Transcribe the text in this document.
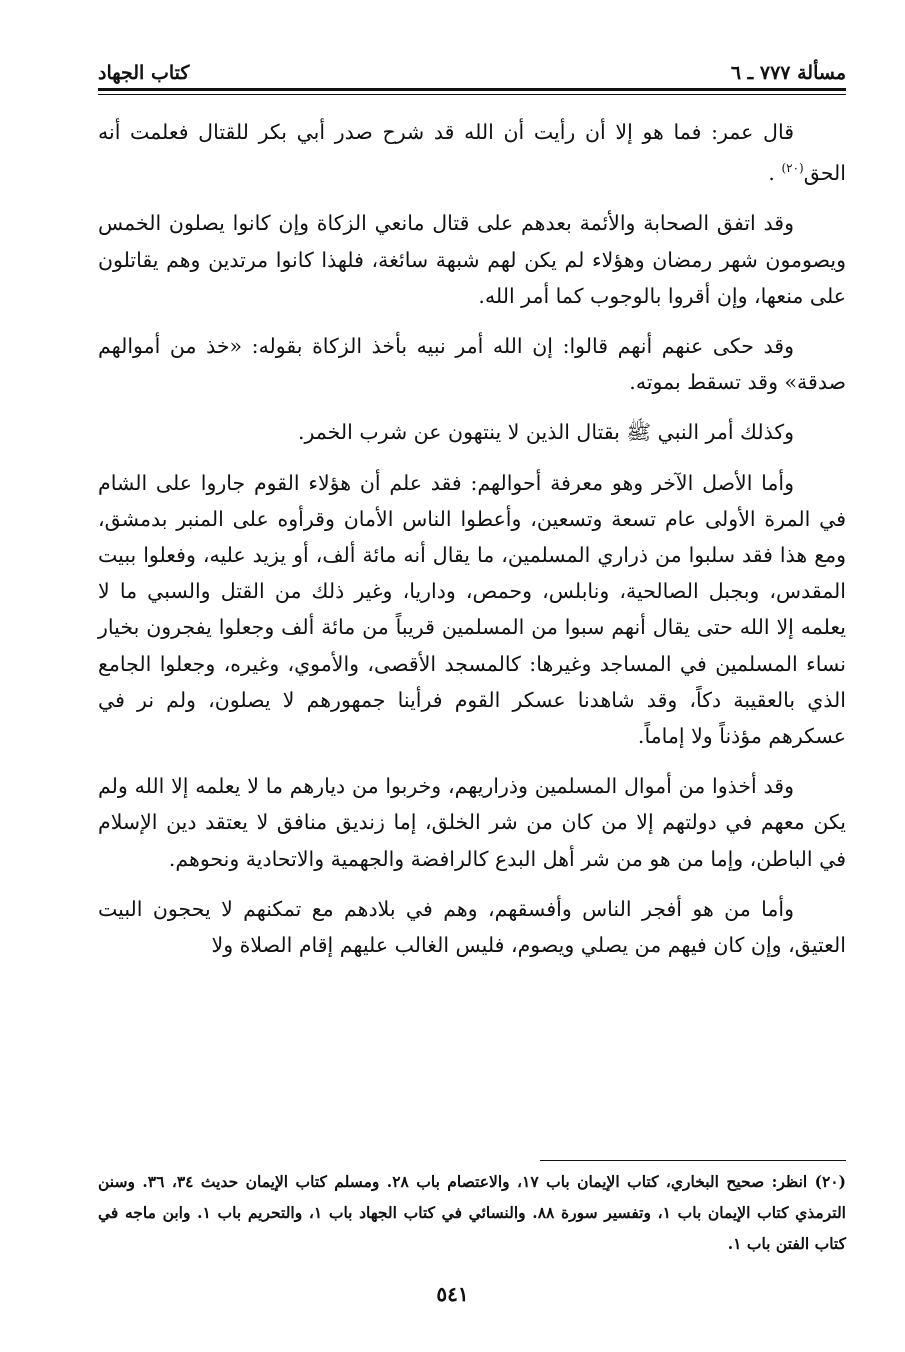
مسألة ٧٧٧ ـ ٦
كتاب الجهاد

قال عمر: فما هو إلا أن رأيت أن الله قد شرح صدر أبي بكر للقتال فعلمت أنه الحق$^{(٢٠)}$ .

وقد اتفق الصحابة والأئمة بعدهم على قتال مانعي الزكاة وإن كانوا يصلون الخمس ويصومون شهر رمضان وهؤلاء لم يكن لهم شبهة سائغة، فلهذا كانوا مرتدين وهم يقاتلون على منعها، وإن أقروا بالوجوب كما أمر الله.

وقد حكى عنهم أنهم قالوا: إن الله أمر نبيه بأخذ الزكاة بقوله: «خذ من أموالهم صدقة» وقد تسقط بموته.

وكذلك أمر النبي ﷺ بقتال الذين لا ينتهون عن شرب الخمر.

وأما الأصل الآخر وهو معرفة أحوالهم: فقد علم أن هؤلاء القوم جاروا على الشام في المرة الأولى عام تسعة وتسعين، وأعطوا الناس الأمان وقرأوه على المنبر بدمشق، ومع هذا فقد سلبوا من ذراري المسلمين، ما يقال أنه مائة ألف، أو يزيد عليه، وفعلوا ببيت المقدس، وبجبل الصالحية، ونابلس، وحمص، وداريا، وغير ذلك من القتل والسبي ما لا يعلمه إلا الله حتى يقال أنهم سبوا من المسلمين قريباً من مائة ألف وجعلوا يفجرون بخيار نساء المسلمين في المساجد وغيرها: كالمسجد الأقصى، والأموي، وغيره، وجعلوا الجامع الذي بالعقيبة دكاً، وقد شاهدنا عسكر القوم فرأينا جمهورهم لا يصلون، ولم نر في عسكرهم مؤذناً ولا إماماً.

وقد أخذوا من أموال المسلمين وذراريهم، وخربوا من ديارهم ما لا يعلمه إلا الله ولم يكن معهم في دولتهم إلا من كان من شر الخلق، إما زنديق منافق لا يعتقد دين الإسلام في الباطن، وإما من هو من شر أهل البدع كالرافضة والجهمية والاتحادية ونحوهم.

وأما من هو أفجر الناس وأفسقهم، وهم في بلادهم مع تمكنهم لا يحجون البيت العتيق، وإن كان فيهم من يصلي ويصوم، فليس الغالب عليهم إقام الصلاة ولا

(٢٠) انظر: صحيح البخاري، كتاب الإيمان باب ١٧، والاعتصام باب ٢٨. ومسلم كتاب الإيمان حديث ٣٤، ٣٦. وسنن الترمذي كتاب الإيمان باب ١، وتفسير سورة ٨٨. والنسائي في كتاب الجهاد باب ١، والتحريم باب ١. وابن ماجه في كتاب الفتن باب ١.

٥٤١
